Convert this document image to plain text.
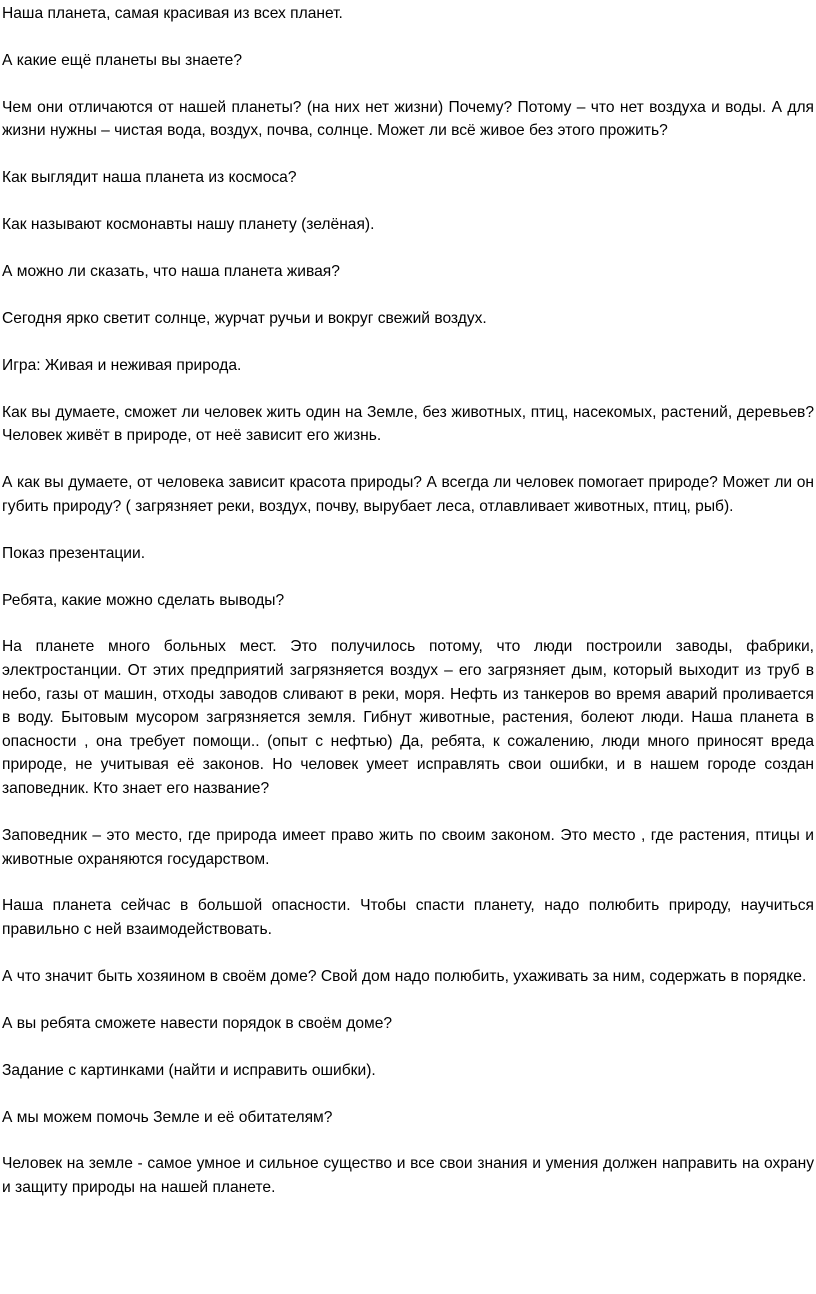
Наша планета, самая красивая из всех планет.

А какие ещё планеты вы знаете?

Чем они отличаются от нашей планеты? (на них нет жизни) Почему? Потому – что нет воздуха и воды. А для жизни нужны – чистая вода, воздух, почва, солнце. Может ли всё живое без этого прожить?

Как выглядит наша планета из космоса?

Как называют космонавты нашу планету (зелёная).

А можно ли сказать, что наша планета живая?

Сегодня ярко светит солнце, журчат ручьи и вокруг свежий воздух.

Игра: Живая и неживая природа.

Как вы думаете, сможет ли человек жить один на Земле, без животных, птиц, насекомых, растений, деревьев? Человек живёт в природе, от неё зависит его жизнь.

А как вы думаете, от человека зависит красота природы? А всегда ли человек помогает природе? Может ли он губить природу? ( загрязняет реки, воздух, почву, вырубает леса, отлавливает животных, птиц, рыб).

Показ презентации.

Ребята, какие можно сделать выводы?

На планете много больных мест. Это получилось потому, что люди построили заводы, фабрики, электростанции. От этих предприятий загрязняется воздух – его загрязняет дым, который выходит из труб в небо, газы от машин, отходы заводов сливают в реки, моря. Нефть из танкеров во время аварий проливается в воду. Бытовым мусором загрязняется земля. Гибнут животные, растения, болеют люди. Наша планета в опасности , она требует помощи.. (опыт с нефтью) Да, ребята, к сожалению, люди много приносят вреда природе, не учитывая её законов. Но человек умеет исправлять свои ошибки, и в нашем городе создан заповедник. Кто знает его название?

Заповедник – это место, где природа имеет право жить по своим законом. Это место , где растения, птицы и животные охраняются государством.

Наша планета сейчас в большой опасности. Чтобы спасти планету, надо полюбить природу, научиться правильно с ней взаимодействовать.

А что значит быть хозяином в своём доме? Свой дом надо полюбить, ухаживать за ним, содержать в порядке.

А вы ребята сможете навести порядок в своём доме?

Задание с картинками (найти и исправить ошибки).

А мы можем помочь Земле и её обитателям?

Человек на земле - самое умное и сильное существо и все свои знания и умения должен направить на охрану и защиту природы на нашей планете.
